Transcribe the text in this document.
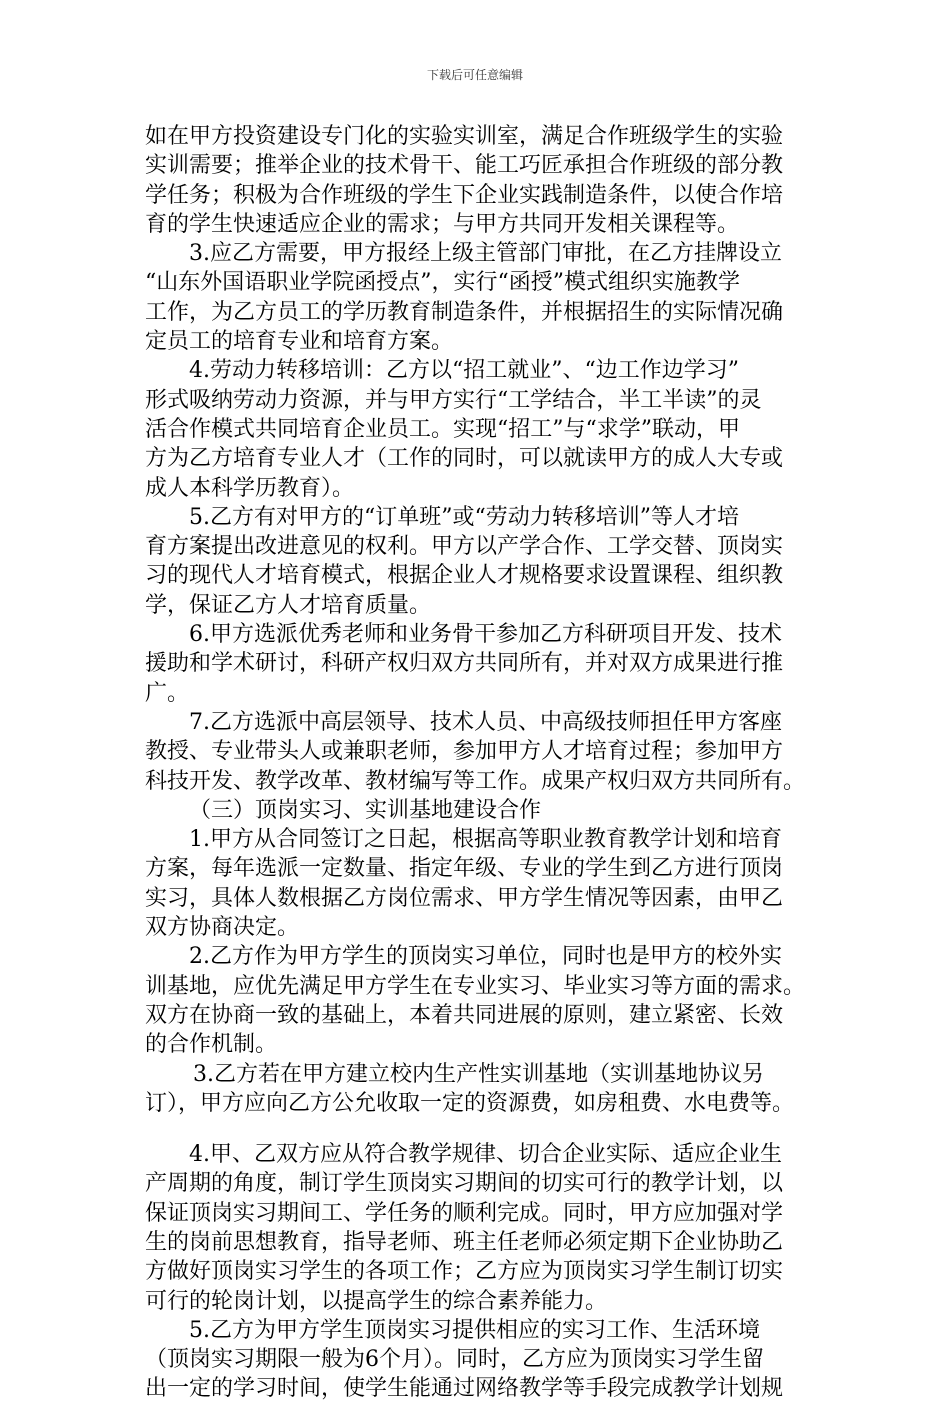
下载后可任意编辑
如在甲方投资建设专门化的实验实训室，满足合作班级学生的实验
实训需要；推举企业的技术骨干、能工巧匠承担合作班级的部分教
学任务；积极为合作班级的学生下企业实践制造条件，以使合作培
育的学生快速适应企业的需求；与甲方共同开发相关课程等。
3.应乙方需要，甲方报经上级主管部门审批，在乙方挂牌设立
“山东外国语职业学院函授点”，实行“函授”模式组织实施教学
工作，为乙方员工的学历教育制造条件，并根据招生的实际情况确
定员工的培育专业和培育方案。
4.劳动力转移培训：乙方以“招工就业”、“边工作边学习”
形式吸纳劳动力资源，并与甲方实行“工学结合，半工半读”的灵
活合作模式共同培育企业员工。实现“招工”与“求学”联动，甲
方为乙方培育专业人才（工作的同时，可以就读甲方的成人大专或
成人本科学历教育）。
5.乙方有对甲方的“订单班”或“劳动力转移培训”等人才培
育方案提出改进意见的权利。甲方以产学合作、工学交替、顶岗实
习的现代人才培育模式，根据企业人才规格要求设置课程、组织教
学，保证乙方人才培育质量。
6.甲方选派优秀老师和业务骨干参加乙方科研项目开发、技术
援助和学术研讨，科研产权归双方共同所有，并对双方成果进行推
广。
7.乙方选派中高层领导、技术人员、中高级技师担任甲方客座
教授、专业带头人或兼职老师，参加甲方人才培育过程；参加甲方
科技开发、教学改革、教材编写等工作。成果产权归双方共同所有。
（三）顶岗实习、实训基地建设合作
1.甲方从合同签订之日起，根据高等职业教育教学计划和培育
方案，每年选派一定数量、指定年级、专业的学生到乙方进行顶岗
实习，具体人数根据乙方岗位需求、甲方学生情况等因素，由甲乙
双方协商决定。
2.乙方作为甲方学生的顶岗实习单位，同时也是甲方的校外实
训基地，应优先满足甲方学生在专业实习、毕业实习等方面的需求。
双方在协商一致的基础上，本着共同进展的原则，建立紧密、长效
的合作机制。
3.乙方若在甲方建立校内生产性实训基地（实训基地协议另
订），甲方应向乙方公允收取一定的资源费，如房租费、水电费等。
4.甲、乙双方应从符合教学规律、切合企业实际、适应企业生
产周期的角度，制订学生顶岗实习期间的切实可行的教学计划，以
保证顶岗实习期间工、学任务的顺利完成。同时，甲方应加强对学
生的岗前思想教育，指导老师、班主任老师必须定期下企业协助乙
方做好顶岗实习学生的各项工作；乙方应为顶岗实习学生制订切实
可行的轮岗计划，以提高学生的综合素养能力。
5.乙方为甲方学生顶岗实习提供相应的实习工作、生活环境
（顶岗实习期限一般为6个月）。同时，乙方应为顶岗实习学生留
出一定的学习时间，使学生能通过网络教学等手段完成教学计划规
